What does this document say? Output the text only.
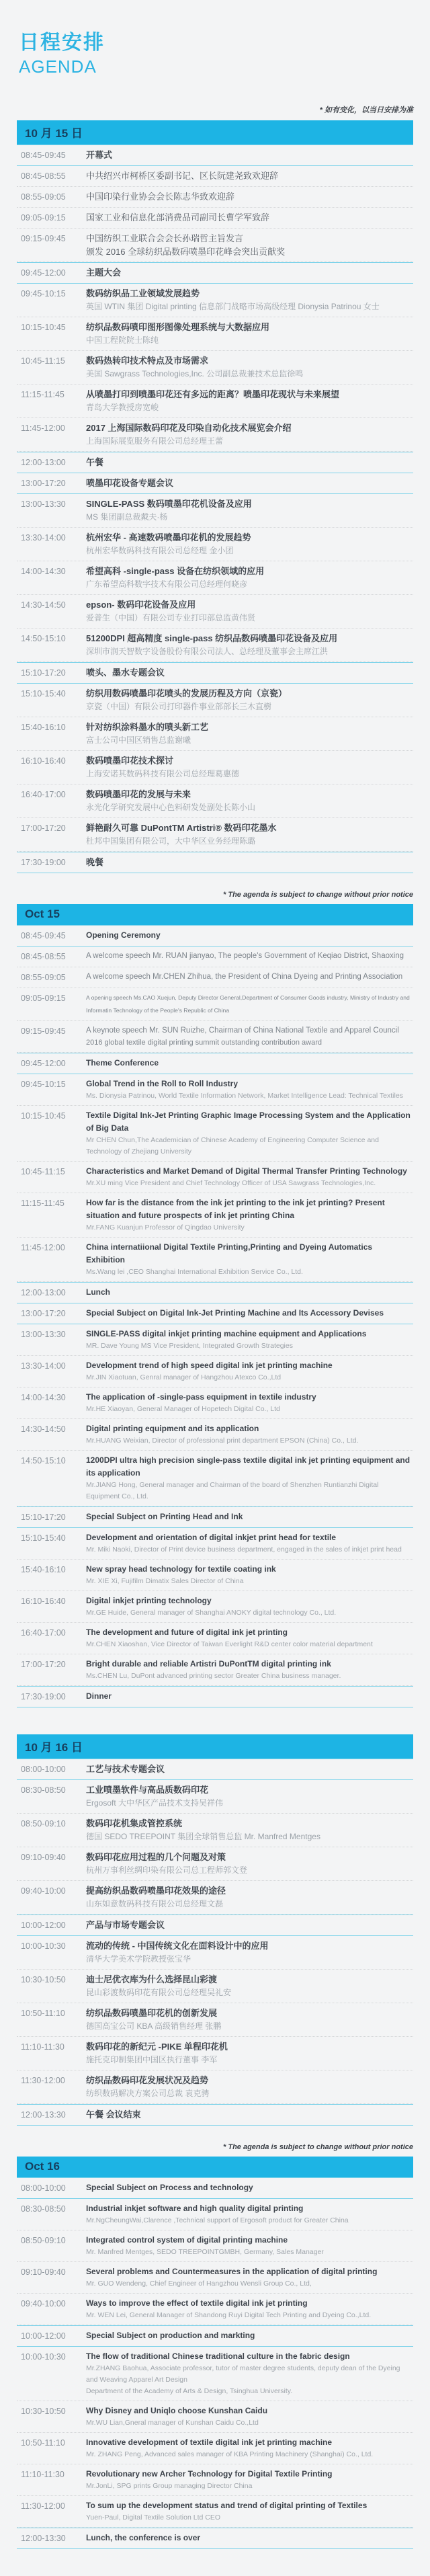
日程安排
AGENDA
* 如有变化，以当日安排为准
10 月 15 日
08:45-09:45	开幕式
08:45-08:55	中共绍兴市柯桥区委副书记、区长阮建尧致欢迎辞
08:55-09:05	中国印染行业协会会长陈志华致欢迎辞
09:05-09:15	国家工业和信息化部消费品司副司长曹学军致辞
09:15-09:45	中国纺织工业联合会会长孙瑞哲主旨发言
颁发 2016 全球纺织品数码喷墨印花峰会突出贡献奖
09:45-12:00	主题大会
09:45-10:15	数码纺织品工业领域发展趋势
英国 WTIN 集团 Digital printing 信息部门战略市场高级经理 Dionysia Patrinou 女士
10:15-10:45	纺织品数码喷印图形图像处理系统与大数据应用
中国工程院院士陈纯
10:45-11:15	数码热转印技术特点及市场需求
美国 Sawgrass Technologies,Inc. 公司副总裁兼技术总监徐鸣
11:15-11:45	从喷墨打印到喷墨印花还有多远的距离？喷墨印花现状与未来展望
青岛大学教授房宽峻
11:45-12:00	2017 上海国际数码印花及印染自动化技术展览会介绍
上海国际展览服务有限公司总经理王蕾
12:00-13:00	午餐
13:00-17:20	喷墨印花设备专题会议
13:00-13:30	SINGLE-PASS 数码喷墨印花机设备及应用
MS 集团副总裁戴夫·杨
13:30-14:00	杭州宏华 - 高速数码喷墨印花机的发展趋势
杭州宏华数码科技有限公司总经理 金小团
14:00-14:30	希望高科 -single-pass 设备在纺织领域的应用
广东希望高科数字技术有限公司总经理何晓彦
14:30-14:50	epson- 数码印花设备及应用
爱普生（中国）有限公司专业打印部总监黄伟贤
14:50-15:10	51200DPI 超高精度 single-pass 纺织品数码喷墨印花设备及应用
深圳市润天智数字设备股份有限公司法人、总经理及董事会主席江洪
15:10-17:20	喷头、墨水专题会议
15:10-15:40	纺织用数码喷墨印花喷头的发展历程及方向（京瓷）
京瓷（中国）有限公司打印器件事业部部长三木直樹
15:40-16:10	针对纺织涂料墨水的喷头新工艺
富士公司中国区销售总监谢曦
16:10-16:40	数码喷墨印花技术探讨
上海安诺其数码科技有限公司总经理葛惠德
16:40-17:00	数码喷墨印花的发展与未来
永光化学研究发展中心色料研发处副处长陈小山
17:00-17:20	鲜艳耐久可靠 DuPontTM Artistri® 数码印花墨水
杜邦中国集团有限公司，大中华区业务经理陈璐
17:30-19:00	晚餐
* The agenda is subject to change without prior notice
Oct 15
08:45-09:45	Opening Ceremony
08:45-08:55	A welcome speech Mr. RUAN jianyao, The people's Government of Keqiao District, Shaoxing
08:55-09:05	A welcome speech Mr.CHEN Zhihua, the President of China Dyeing and Printing Association
09:05-09:15	A opening speech Ms.CAO Xuejun, Deputy Director General,Department of Consumer Goods industry, Ministry of Industry and Informatin Technology of the People's Republic of China
09:15-09:45	A keynote speech Mr. SUN Ruizhe, Chairman of China National Textile and Apparel Council
2016 global textile digital printing summit outstanding contribution award
09:45-12:00	Theme Conference
09:45-10:15	Global Trend in the Roll to Roll Industry
Ms. Dionysia Patrinou, World Textile Information Network, Market Intelligence Lead: Technical Textiles
10:15-10:45	Textile Digital Ink-Jet Printing Graphic Image Processing System and the Application of Big Data
Mr CHEN Chun,The Academician of Chinese Academy of Engineering Computer Science and Technology of Zhejiang University
10:45-11:15	Characteristics and Market Demand of Digital Thermal Transfer Printing Technology
Mr.XU ming Vice President and Chief Technology Officer of USA Sawgrass Technologies,Inc.
11:15-11:45	How far is the distance from the ink jet printing to the ink jet printing? Present situation and future prospects of ink jet printing China
Mr.FANG Kuanjun Professor of Qingdao University
11:45-12:00	China internatiional Digital Textile Printing,Printing and Dyeing Automatics Exhibition
Ms.Wang lei ,CEO Shanghai International Exhibition Service Co., Ltd.
12:00-13:00	Lunch
13:00-17:20	Special Subject on Digital Ink-Jet Printing Machine and Its Accessory Devises
13:00-13:30	SINGLE-PASS digital inkjet printing machine equipment and Applications
MR. Dave Young MS Vice President, Integrated Growth Strategies
13:30-14:00	Development trend of high speed digital ink jet printing machine
Mr.JIN Xiaotuan, Genral manager of Hangzhou Atexco Co.,Ltd
14:00-14:30	The application of -single-pass equipment in textile industry
Mr.HE Xiaoyan, General Manager of Hopetech Digital Co., Ltd
14:30-14:50	Digital printing equipment and its application
Mr.HUANG Weixian, Director of professional print department EPSON (China) Co., Ltd.
14:50-15:10	1200DPI ultra high precision single-pass textile digital ink jet printing equipment and its application
Mr.JIANG Hong, General manager and Chairman of the board of Shenzhen Runtianzhi Digital Equipment Co., Ltd.
15:10-17:20	Special Subject on Printing Head and Ink
15:10-15:40	Development and orientation of digital inkjet print head for textile
Mr. Miki Naoki, Director of Print device business department, engaged in the sales of inkjet print head
15:40-16:10	New spray head technology for textile coating ink
Mr. XIE Xi, Fujifilm Dimatix Sales Director of China
16:10-16:40	Digital inkjet printing technology
Mr.GE Huide, General manager of Shanghai ANOKY digital technology Co., Ltd.
16:40-17:00	The development and future of digital ink jet printing
Mr.CHEN Xiaoshan, Vice Director of Taiwan Everlight R&D center color material department
17:00-17:20	Bright durable and reliable Artistri DuPontTM digital printing ink
Ms.CHEN Lu, DuPont advanced printing sector Greater China business manager.
17:30-19:00	Dinner
10 月 16 日
08:00-10:00	工艺与技术专题会议
08:30-08:50	工业喷墨软件与高品质数码印花
Ergosoft 大中华区产品技术支持吴祥伟
08:50-09:10	数码印花机集成管控系统
德国 SEDO TREEPOINT 集团全球销售总监 Mr. Manfred Mentges
09:10-09:40	数码印花应用过程的几个问题及对策
杭州万事利丝绸印染有限公司总工程师郭文登
09:40-10:00	提高纺织品数码喷墨印花效果的途径
山东如意数码科技有限公司总经理文磊
10:00-12:00	产品与市场专题会议
10:00-10:30	流动的传统 - 中国传统文化在面料设计中的应用
清华大学美术学院教授张宝华
10:30-10:50	迪士尼优衣库为什么选择昆山彩渡
昆山彩渡数码印花有限公司总经理吴礼安
10:50-11:10	纺织品数码喷墨印花机的创新发展
德国高宝公司 KBA 高级销售经理 张鹏
11:10-11:30	数码印花的新纪元 -PIKE 单程印花机
施托克印制集团中国区执行董事 李军
11:30-12:00	纺织品数码印花发展状况及趋势
纺织数码解决方案公司总裁 袁克骋
12:00-13:30	午餐 会议结束
* The agenda is subject to change without prior notice
Oct 16
08:00-10:00	Special Subject on Process and technology
08:30-08:50	Industrial inkjet software and high quality digital printing
Mr.NgCheungWai,Clarence ,Technical support of Ergosoft product for Greater China
08:50-09:10	Integrated control system of digital printing machine
Mr. Manfred Mentges, SEDO TREEPOINTGMBH, Germany, Sales Manager
09:10-09:40	Several problems and Countermeasures in the application of digital printing
Mr. GUO Wendeng, Chief Engineer of Hangzhou Wensli Group Co., Ltd,
09:40-10:00	Ways to improve the effect of textile digital ink jet printing
Mr. WEN Lei, General Manager of Shandong Ruyi Digital Tech Printing and Dyeing Co.,Ltd.
10:00-12:00	Special Subject on production and markting
10:00-10:30	The flow of traditional Chinese traditional culture in the fabric design
Mr.ZHANG Baohua, Associate professor, tutor of master degree students, deputy dean of the Dyeing and Weaving Apparel Art Design
Department of the Academy of Arts & Design, Tsinghua University.
10:30-10:50	Why Disney and Uniqlo choose Kunshan Caidu
Mr.WU Lian,Gneral manager of Kunshan Caidu Co.,Ltd
10:50-11:10	Innovative development of textile digital ink jet printing machine
Mr. ZHANG Peng, Advanced sales manager of KBA Printing Machinery (Shanghai) Co., Ltd.
11:10-11:30	Revolutionary new Archer Technology for Digital Textile Printing
Mr.JonLi, SPG prints Group managing Director China
11:30-12:00	To sum up the development status and trend of digital printing of Textiles
Yuen-Paul, Digital Textile Solution Ltd CEO
12:00-13:30	Lunch, the conference is over
